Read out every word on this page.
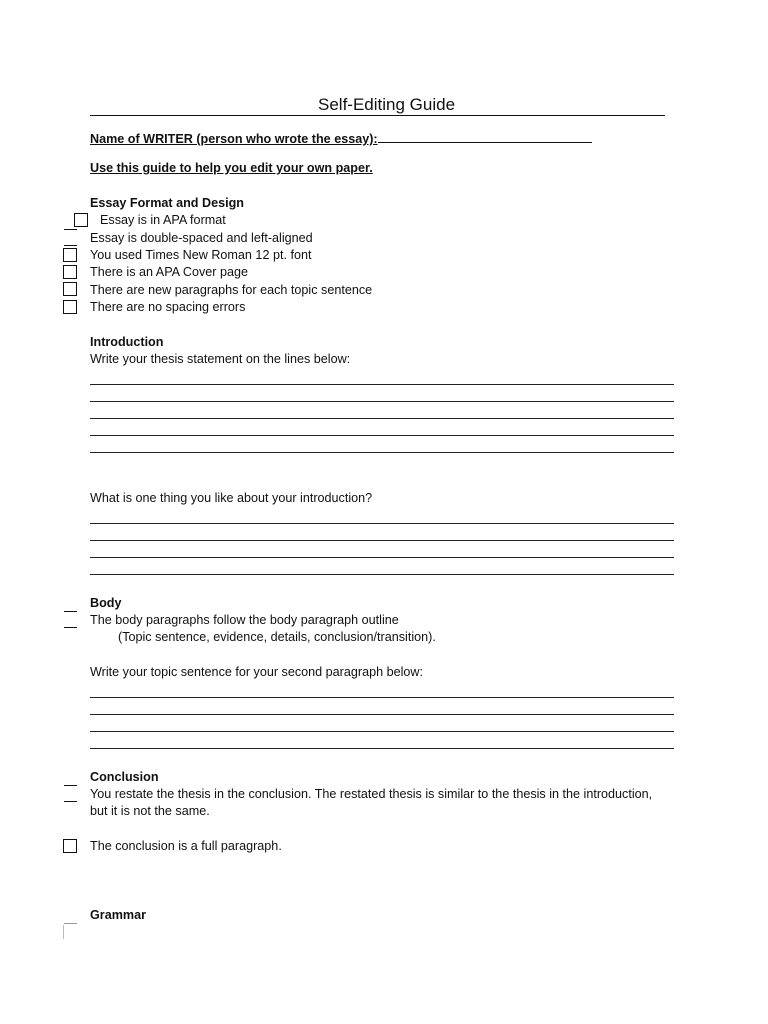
Self-Editing Guide
Name of WRITER (person who wrote the essay):
Use this guide to help you edit your own paper.
Essay Format and Design
Essay is in APA format
Essay is double-spaced and left-aligned
You used Times New Roman 12 pt. font
There is an APA Cover page
There are new paragraphs for each topic sentence
There are no spacing errors
Introduction
Write your thesis statement on the lines below:
What is one thing you like about your introduction?
Body
The body paragraphs follow the body paragraph outline
(Topic sentence, evidence, details, conclusion/transition).
Write your topic sentence for your second paragraph below:
Conclusion
You restate the thesis in the conclusion. The restated thesis is similar to the thesis in the introduction,
but it is not the same.
The conclusion is a full paragraph.
Grammar
